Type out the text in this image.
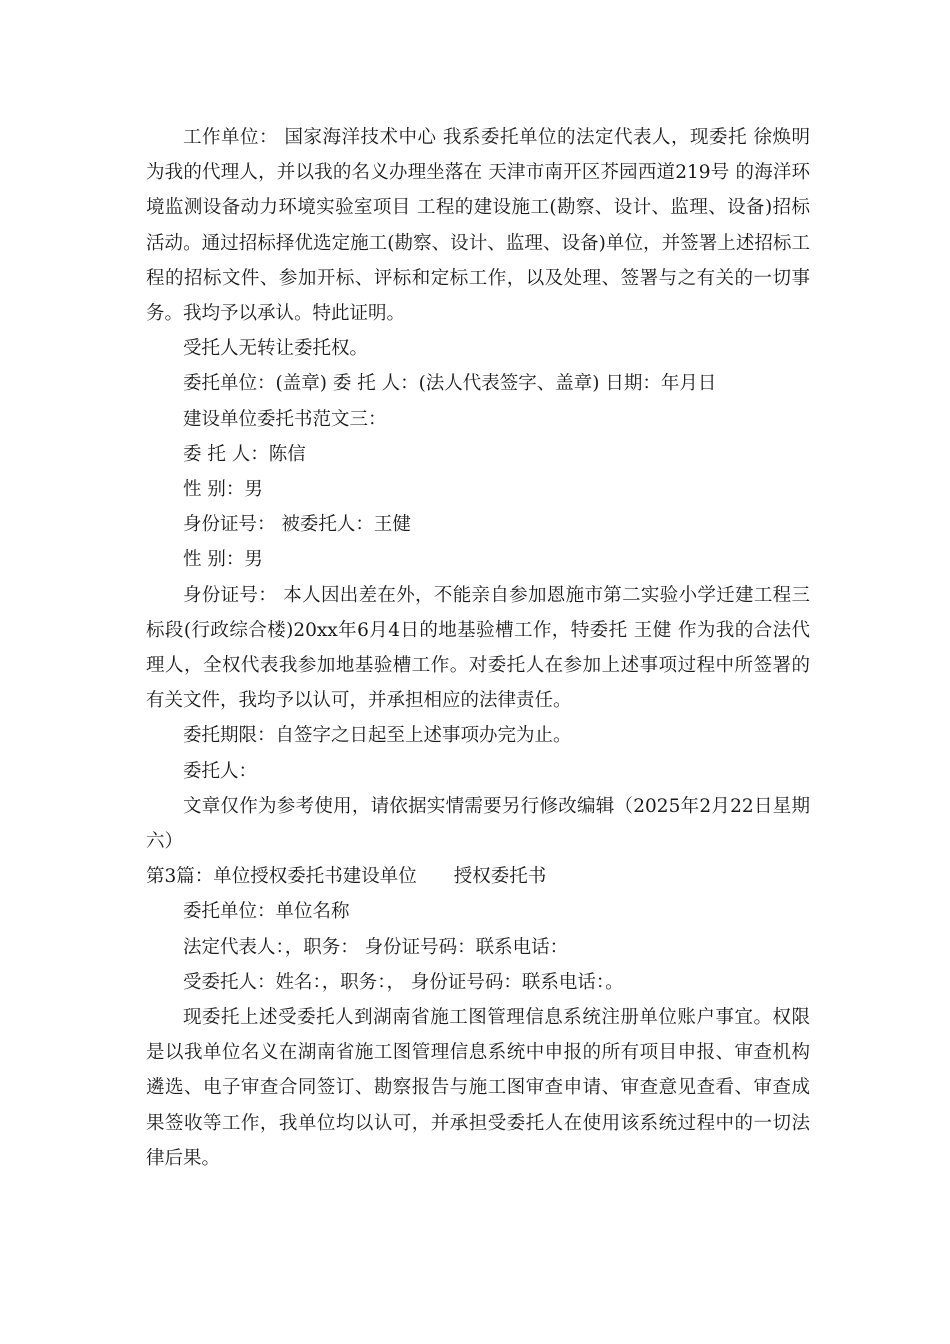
工作单位： 国家海洋技术中心 我系委托单位的法定代表人，现委托 徐焕明 为我的代理人，并以我的名义办理坐落在 天津市南开区芥园西道219号 的海洋环境监测设备动力环境实验室项目 工程的建设施工(勘察、设计、监理、设备)招标活动。通过招标择优选定施工(勘察、设计、监理、设备)单位，并签署上述招标工程的招标文件、参加开标、评标和定标工作，以及处理、签署与之有关的一切事务。我均予以承认。特此证明。

受托人无转让委托权。

委托单位：(盖章) 委 托 人：(法人代表签字、盖章) 日期：年月日

建设单位委托书范文三：

委 托 人：陈信

性 别：男

身份证号： 被委托人：王健

性 别：男

身份证号： 本人因出差在外，不能亲自参加恩施市第二实验小学迁建工程三标段(行政综合楼)20xx年6月4日的地基验槽工作，特委托 王健 作为我的合法代理人，全权代表我参加地基验槽工作。对委托人在参加上述事项过程中所签署的有关文件，我均予以认可，并承担相应的法律责任。

委托期限：自签字之日起至上述事项办完为止。

委托人：

文章仅作为参考使用，请依据实情需要另行修改编辑（2025年2月22日星期六）

第3篇：单位授权委托书建设单位　　授权委托书

委托单位：单位名称

法定代表人：，职务： 身份证号码：联系电话：

受委托人：姓名：，职务：， 身份证号码：联系电话：。

现委托上述受委托人到湖南省施工图管理信息系统注册单位账户事宜。权限是以我单位名义在湖南省施工图管理信息系统中申报的所有项目申报、审查机构遴选、电子审查合同签订、勘察报告与施工图审查申请、审查意见查看、审查成果签收等工作，我单位均以认可，并承担受委托人在使用该系统过程中的一切法律后果。
